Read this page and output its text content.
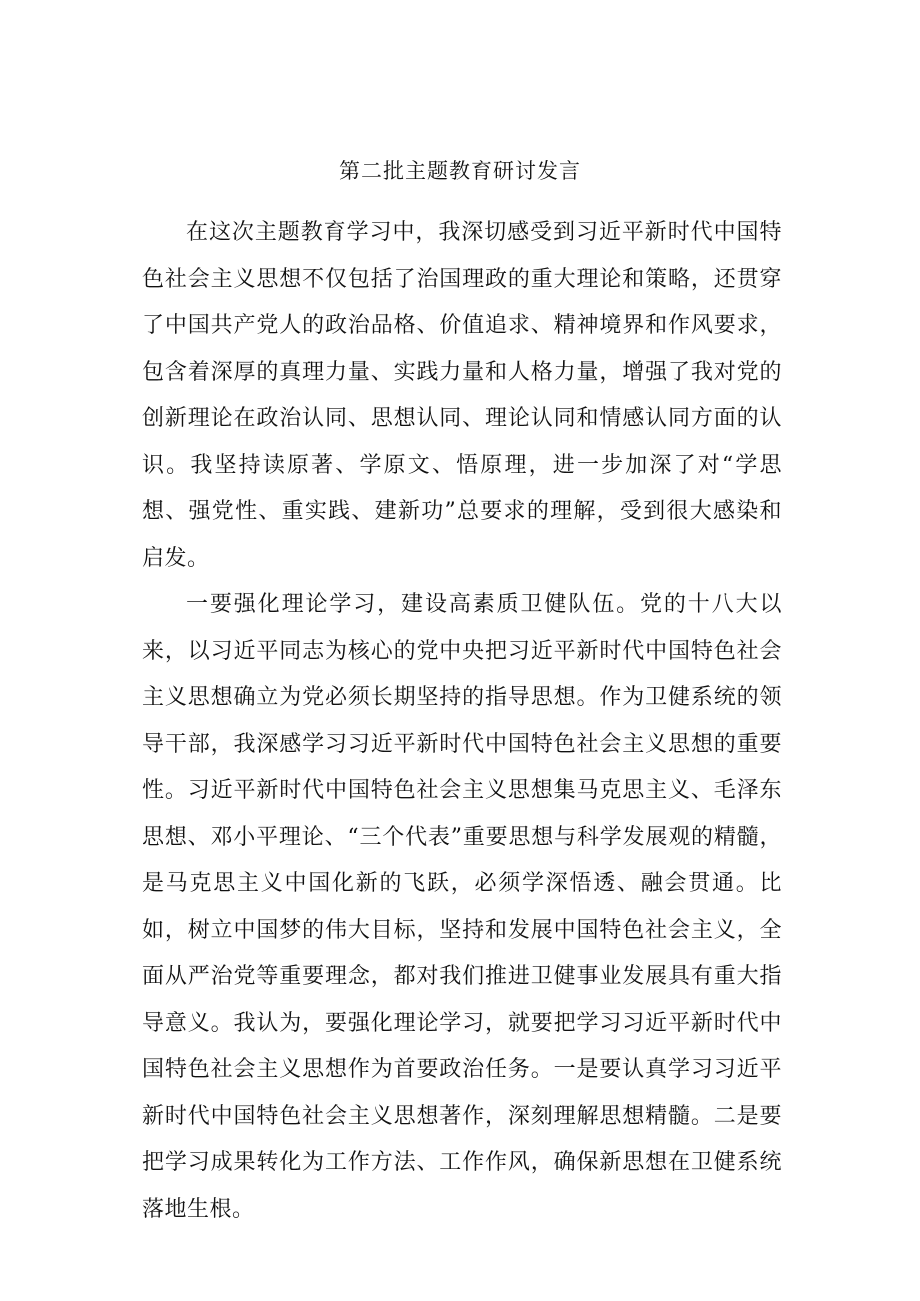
第二批主题教育研讨发言

在这次主题教育学习中，我深切感受到习近平新时代中国特色社会主义思想不仅包括了治国理政的重大理论和策略，还贯穿了中国共产党人的政治品格、价值追求、精神境界和作风要求，包含着深厚的真理力量、实践力量和人格力量，增强了我对党的创新理论在政治认同、思想认同、理论认同和情感认同方面的认识。我坚持读原著、学原文、悟原理，进一步加深了对“学思想、强党性、重实践、建新功”总要求的理解，受到很大感染和启发。

一要强化理论学习，建设高素质卫健队伍。党的十八大以来，以习近平同志为核心的党中央把习近平新时代中国特色社会主义思想确立为党必须长期坚持的指导思想。作为卫健系统的领导干部，我深感学习习近平新时代中国特色社会主义思想的重要性。习近平新时代中国特色社会主义思想集马克思主义、毛泽东思想、邓小平理论、“三个代表”重要思想与科学发展观的精髓，是马克思主义中国化新的飞跃，必须学深悟透、融会贯通。比如，树立中国梦的伟大目标，坚持和发展中国特色社会主义，全面从严治党等重要理念，都对我们推进卫健事业发展具有重大指导意义。我认为，要强化理论学习，就要把学习习近平新时代中国特色社会主义思想作为首要政治任务。一是要认真学习习近平新时代中国特色社会主义思想著作，深刻理解思想精髓。二是要把学习成果转化为工作方法、工作作风，确保新思想在卫健系统落地生根。
